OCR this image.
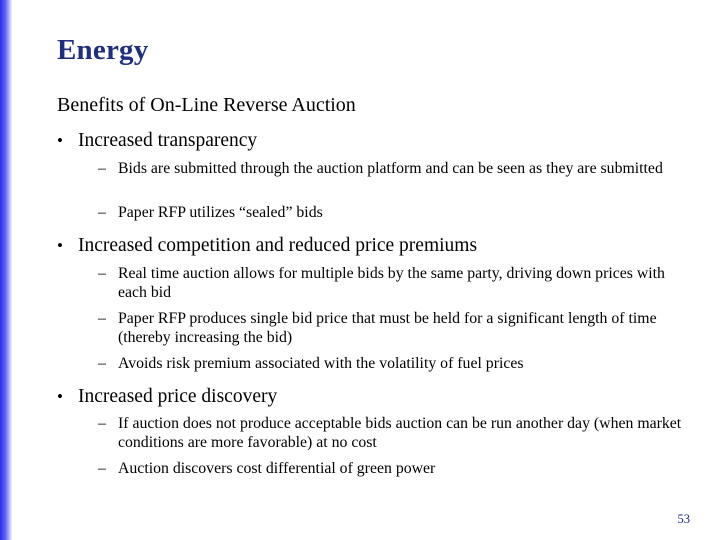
Energy
Benefits of On-Line Reverse Auction
• Increased transparency
– Bids are submitted through the auction platform and can be seen as they are submitted
– Paper RFP utilizes “sealed” bids
• Increased competition and reduced price premiums
– Real time auction allows for multiple bids by the same party, driving down prices with each bid
– Paper RFP produces single bid price that must be held for a significant length of time (thereby increasing the bid)
– Avoids risk premium associated with the volatility of fuel prices
• Increased price discovery
– If auction does not produce acceptable bids auction can be run another day (when market conditions are more favorable) at no cost
– Auction discovers cost differential of green power
53
